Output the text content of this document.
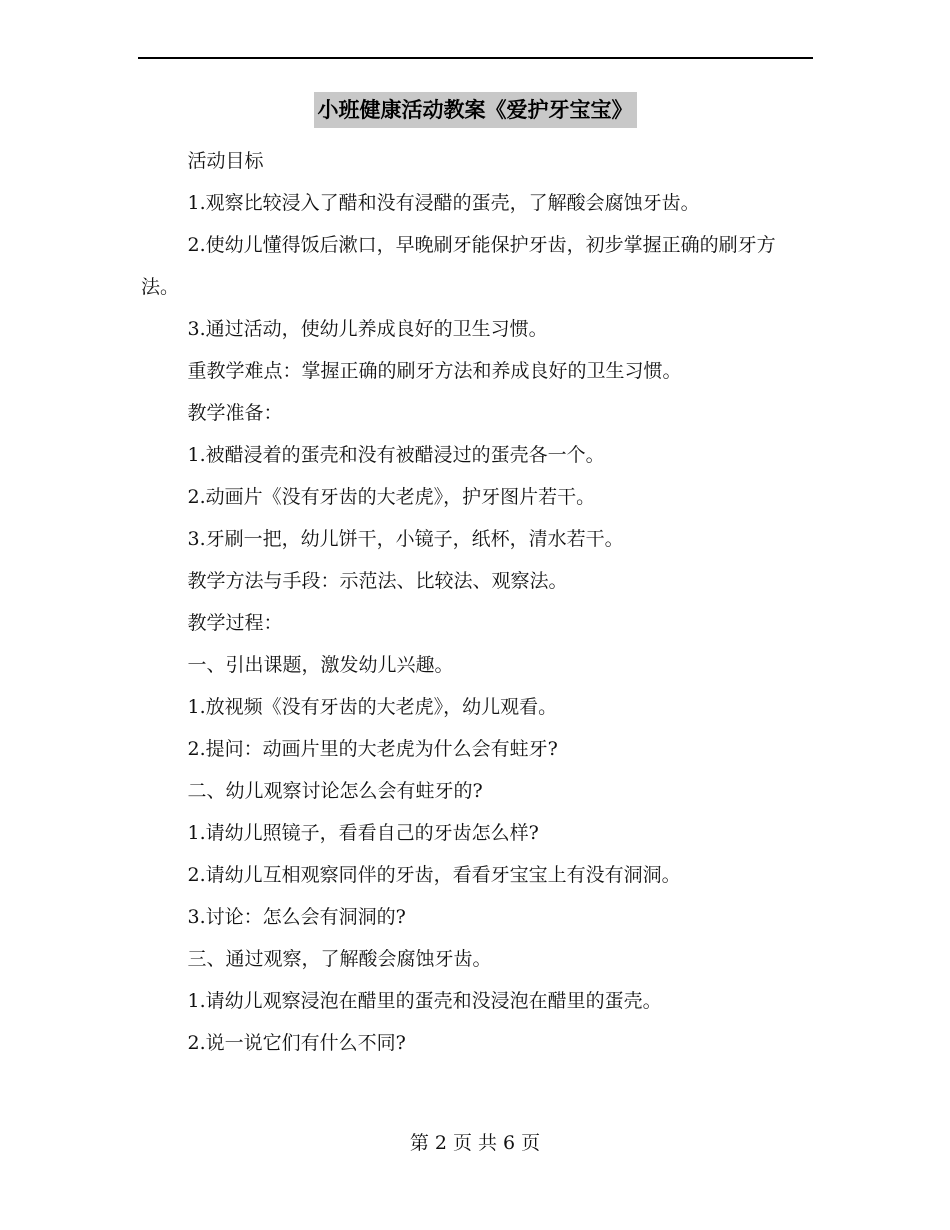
小班健康活动教案《爱护牙宝宝》

活动目标

1.观察比较浸入了醋和没有浸醋的蛋壳，了解酸会腐蚀牙齿。

2.使幼儿懂得饭后漱口，早晚刷牙能保护牙齿，初步掌握正确的刷牙方法。

3.通过活动，使幼儿养成良好的卫生习惯。

重教学难点：掌握正确的刷牙方法和养成良好的卫生习惯。

教学准备：

1.被醋浸着的蛋壳和没有被醋浸过的蛋壳各一个。

2.动画片《没有牙齿的大老虎》，护牙图片若干。

3.牙刷一把，幼儿饼干，小镜子，纸杯，清水若干。

教学方法与手段：示范法、比较法、观察法。

教学过程：

一、引出课题，激发幼儿兴趣。

1.放视频《没有牙齿的大老虎》，幼儿观看。

2.提问：动画片里的大老虎为什么会有蛀牙?

二、幼儿观察讨论怎么会有蛀牙的?

1.请幼儿照镜子，看看自己的牙齿怎么样?

2.请幼儿互相观察同伴的牙齿，看看牙宝宝上有没有洞洞。

3.讨论：怎么会有洞洞的?

三、通过观察，了解酸会腐蚀牙齿。

1.请幼儿观察浸泡在醋里的蛋壳和没浸泡在醋里的蛋壳。

2.说一说它们有什么不同?

第 2 页 共 6 页
